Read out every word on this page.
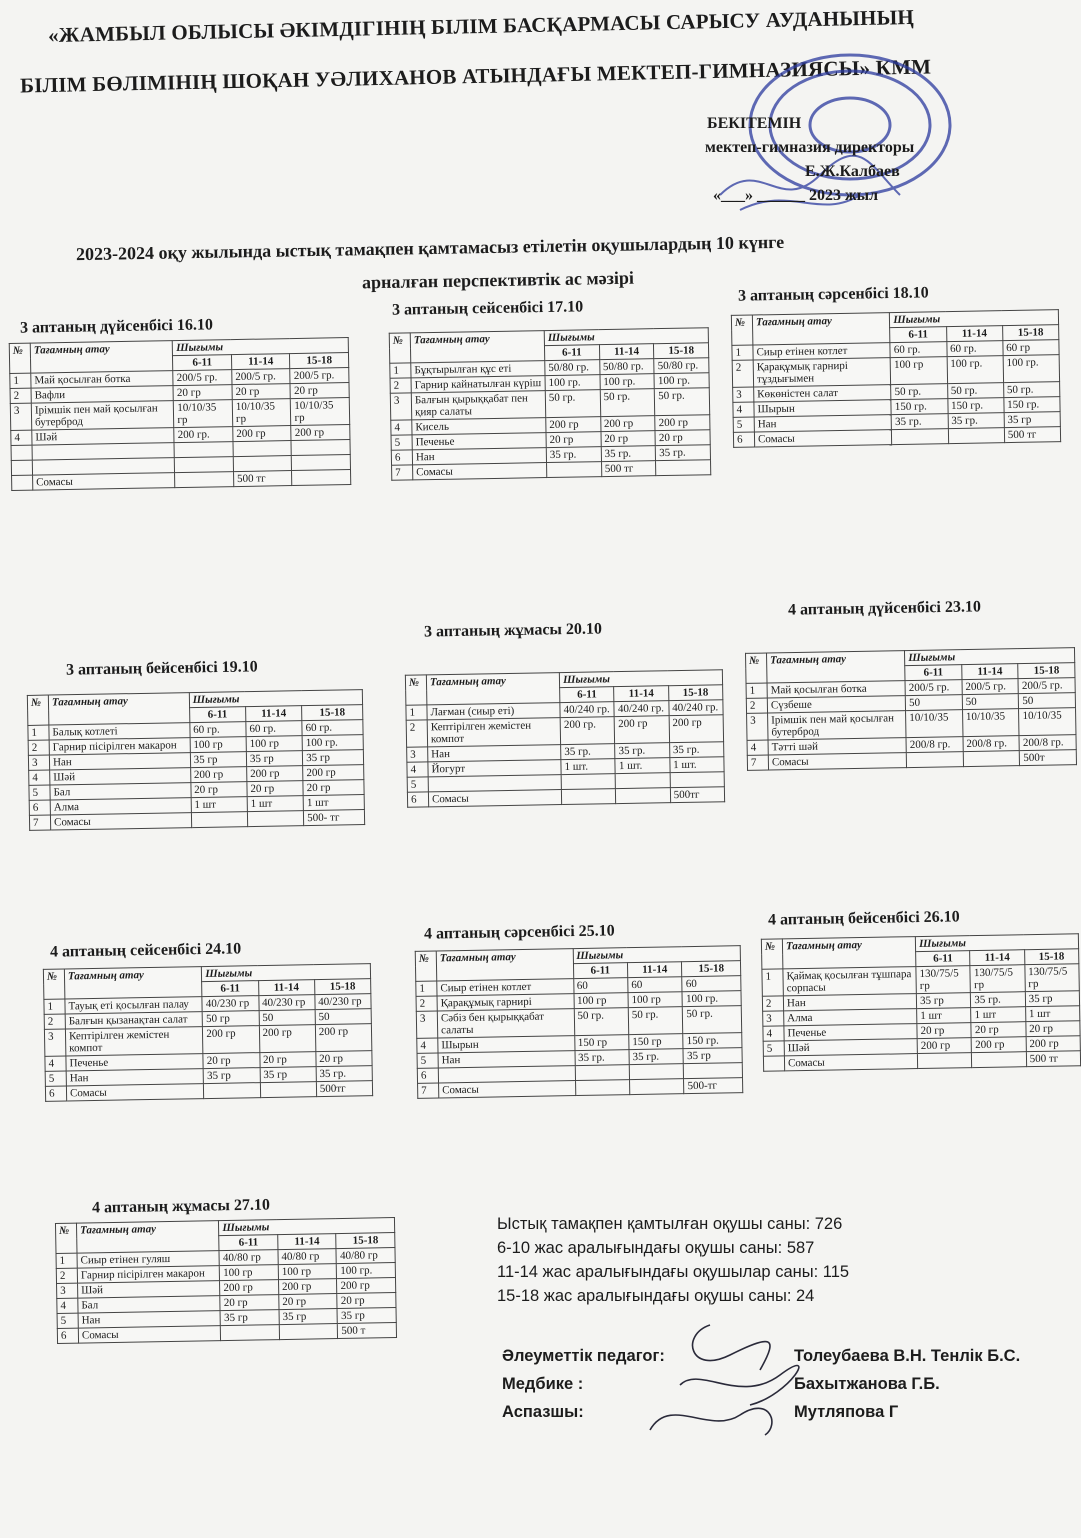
«ЖАМБЫЛ ОБЛЫСЫ ӘКІМДІГІНІҢ БІЛІМ БАСҚАРМАСЫ САРЫСУ АУДАНЫНЫҢ
БІЛІМ БӨЛІМІНІҢ ШОҚАН УӘЛИХАНОВ АТЫНДАҒЫ МЕКТЕП-ГИМНАЗИЯСЫ» КММ
БЕКІТЕМІН
мектеп-гимназия директоры
Е.Ж.Калбаев
«___» ______ 2023 жыл
2023-2024 оқу жылында ыстық тамақпен қамтамасыз етілетін оқушылардың 10 күнге
арналған перспективтік ас мәзірі
3 аптаның дүйсенбісі 16.10
№	Тағамның атау	Шығымы		
		6-11	11-14	15-18
1	Май қосылған ботка	200/5 гр.	200/5 гр.	200/5 гр.
2	Вафли	20 гр	20 гр	20 гр
3	Ірімшік пен май қосылған бутерброд	10/10/35 гр	10/10/35 гр	10/10/35 гр
4	Шәй	200 гр.	200 гр	200 гр

	Сомасы		500 тг	
3 аптаның сейсенбісі 17.10
№	Тағамның атау	Шығымы		
		6-11	11-14	15-18
1	Бұқтырылған құс еті	50/80 гр.	50/80 гр.	50/80 гр.
2	Гарнир кайнатылған күріш	100 гр.	100 гр.	100 гр.
3	Балғын қырыққабат пен қияр салаты	50 гр.	50 гр.	50 гр.
4	Кисель	200 гр	200 гр	200 гр
5	Печенье	20 гр	20 гр	20 гр
6	Нан	35 гр.	35 гр.	35 гр.
7	Сомасы		500 тг	
3 аптаның сәрсенбісі 18.10
№	Тағамның атау	Шығымы		
		6-11	11-14	15-18
1	Сиыр етінен котлет	60 гр.	60 гр.	60 гр
2	Қарақұмық гарнирі тұздығымен	100 гр	100 гр.	100 гр.
3	Көкөністен салат	50 гр.	50 гр.	50 гр.
4	Шырын	150 гр.	150 гр.	150 гр.
5	Нан	35 гр.	35 гр.	35 гр
6	Сомасы			500 тг
3 аптаның бейсенбісі 19.10
№	Тағамның атау	Шығымы		
		6-11	11-14	15-18
1	Балық котлеті	60 гр.	60 гр.	60 гр.
2	Гарнир пісірілген макарон	100 гр	100 гр	100 гр.
3	Нан	35 гр	35 гр	35 гр
4	Шәй	200 гр	200 гр	200 гр
5	Бал	20 гр	20 гр	20 гр
6	Алма	1 шт	1 шт	1 шт
7	Сомасы			500- тг
3 аптаның жұмасы 20.10
№	Тағамның атау	Шығымы		
		6-11	11-14	15-18
1	Лағман (сиыр еті)	40/240 гр.	40/240 гр.	40/240 гр.
2	Кептірілген жемістен компот	200 гр.	200 гр	200 гр
3	Нан	35 гр.	35 гр.	35 гр.
4	Йогурт	1 шт.	1 шт.	1 шт.
5				
6	Сомасы			500тг
4 аптаның дүйсенбісі 23.10
№	Тағамның атау	Шығымы		
		6-11	11-14	15-18
1	Май қосылған ботка	200/5 гр.	200/5 гр.	200/5 гр.
2	Сүзбеше	50	50	50
3	Ірімшік пен май қосылған бутерброд	10/10/35	10/10/35	10/10/35
4	Тәтті шәй	200/8 гр.	200/8 гр.	200/8 гр.
7	Сомасы			500т
4 аптаның сейсенбісі 24.10
№	Тағамның атау	Шығымы		
		6-11	11-14	15-18
1	Тауық еті қосылған палау	40/230 гр	40/230 гр	40/230 гр
2	Балғын қызанақтан салат	50 гр	50	50
3	Кептірілген жемістен компот	200 гр	200 гр	200 гр
4	Печенье	20 гр	20 гр	20 гр
5	Нан	35 гр	35 гр	35 гр.
6	Сомасы			500тг
4 аптаның сәрсенбісі 25.10
№	Тағамның атау	Шығымы		
		6-11	11-14	15-18
1	Сиыр етінен котлет	60	60	60
2	Қарақұмық гарнирі	100 гр	100 гр	100 гр.
3	Сәбіз бен қырыққабат салаты	50 гр.	50 гр.	50 гр.
4	Шырын	150 гр	150 гр	150 гр.
5	Нан	35 гр.	35 гр.	35 гр
6				
7	Сомасы			500-тг
4 аптаның бейсенбісі 26.10
№	Тағамның атау	Шығымы		
		6-11	11-14	15-18
1	Қаймақ қосылған тұшпара сорпасы	130/75/5 гр	130/75/5 гр	130/75/5 гр
2	Нан	35 гр	35 гр.	35 гр
3	Алма	1 шт	1 шт	1 шт
4	Печенье	20 гр	20 гр	20 гр
5	Шәй	200 гр	200 гр	200 гр
	Сомасы			500 тг
4 аптаның жұмасы 27.10
№	Тағамның атау	Шығымы		
		6-11	11-14	15-18
1	Сиыр етінен гуляш	40/80 гр	40/80 гр	40/80 гр
2	Гарнир пісірілген макарон	100 гр	100 гр	100 гр.
3	Шәй	200 гр	200 гр	200 гр
4	Бал	20 гр	20 гр	20 гр
5	Нан	35 гр	35 гр	35 гр
6	Сомасы			500 т
Ыстық тамақпен қамтылған оқушы саны: 726
6-10 жас аралығындағы оқушы саны: 587
11-14 жас аралығындағы оқушылар саны: 115
15-18 жас аралығындағы оқушы саны: 24
Әлеуметтік педагог:	Толеубаева В.Н. Тенлік Б.С.
Медбике :	Бахытжанова Г.Б.
Аспазшы:	Мутляпова Г
